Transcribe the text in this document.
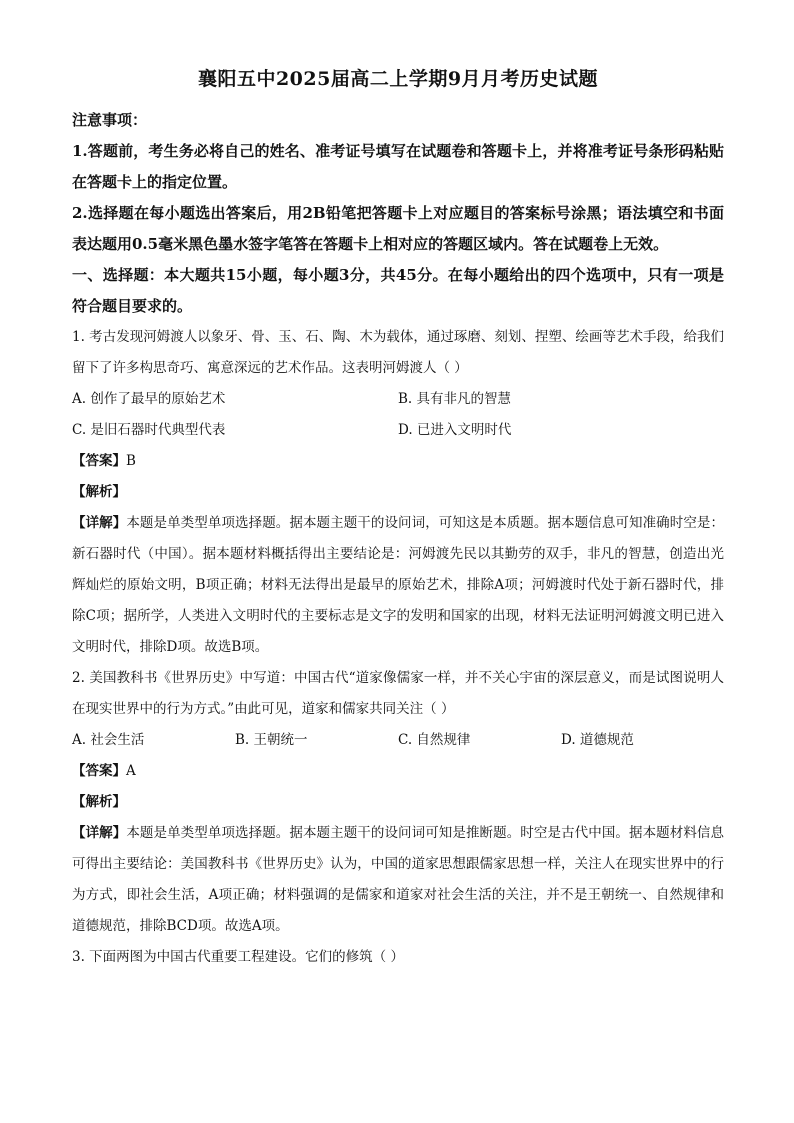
襄阳五中2025届高二上学期9月月考历史试题

注意事项：

1.答题前，考生务必将自己的姓名、准考证号填写在试题卷和答题卡上，并将准考证号条形码粘贴在答题卡上的指定位置。

2.选择题在每小题选出答案后，用2B铅笔把答题卡上对应题目的答案标号涂黑；语法填空和书面表达题用0.5毫米黑色墨水签字笔答在答题卡上相对应的答题区域内。答在试题卷上无效。

一、选择题：本大题共15小题，每小题3分，共45分。在每小题给出的四个选项中，只有一项是符合题目要求的。

1. 考古发现河姆渡人以象牙、骨、玉、石、陶、木为载体，通过琢磨、刻划、捏塑、绘画等艺术手段，给我们留下了许多构思奇巧、寓意深远的艺术作品。这表明河姆渡人（ ）

A. 创作了最早的原始艺术	B. 具有非凡的智慧
C. 是旧石器时代典型代表	D. 已进入文明时代

【答案】B

【解析】

【详解】本题是单类型单项选择题。据本题主题干的设问词，可知这是本质题。据本题信息可知准确时空是：新石器时代（中国）。据本题材料概括得出主要结论是：河姆渡先民以其勤劳的双手，非凡的智慧，创造出光辉灿烂的原始文明，B项正确；材料无法得出是最早的原始艺术，排除A项；河姆渡时代处于新石器时代，排除C项；据所学，人类进入文明时代的主要标志是文字的发明和国家的出现，材料无法证明河姆渡文明已进入文明时代，排除D项。故选B项。

2. 美国教科书《世界历史》中写道：中国古代“道家像儒家一样，并不关心宇宙的深层意义，而是试图说明人在现实世界中的行为方式。”由此可见，道家和儒家共同关注（ ）

A. 社会生活	B. 王朝统一	C. 自然规律	D. 道德规范

【答案】A

【解析】

【详解】本题是单类型单项选择题。据本题主题干的设问词可知是推断题。时空是古代中国。据本题材料信息可得出主要结论：美国教科书《世界历史》认为，中国的道家思想跟儒家思想一样，关注人在现实世界中的行为方式，即社会生活，A项正确；材料强调的是儒家和道家对社会生活的关注，并不是王朝统一、自然规律和道德规范，排除BCD项。故选A项。

3. 下面两图为中国古代重要工程建设。它们的修筑（ ）
